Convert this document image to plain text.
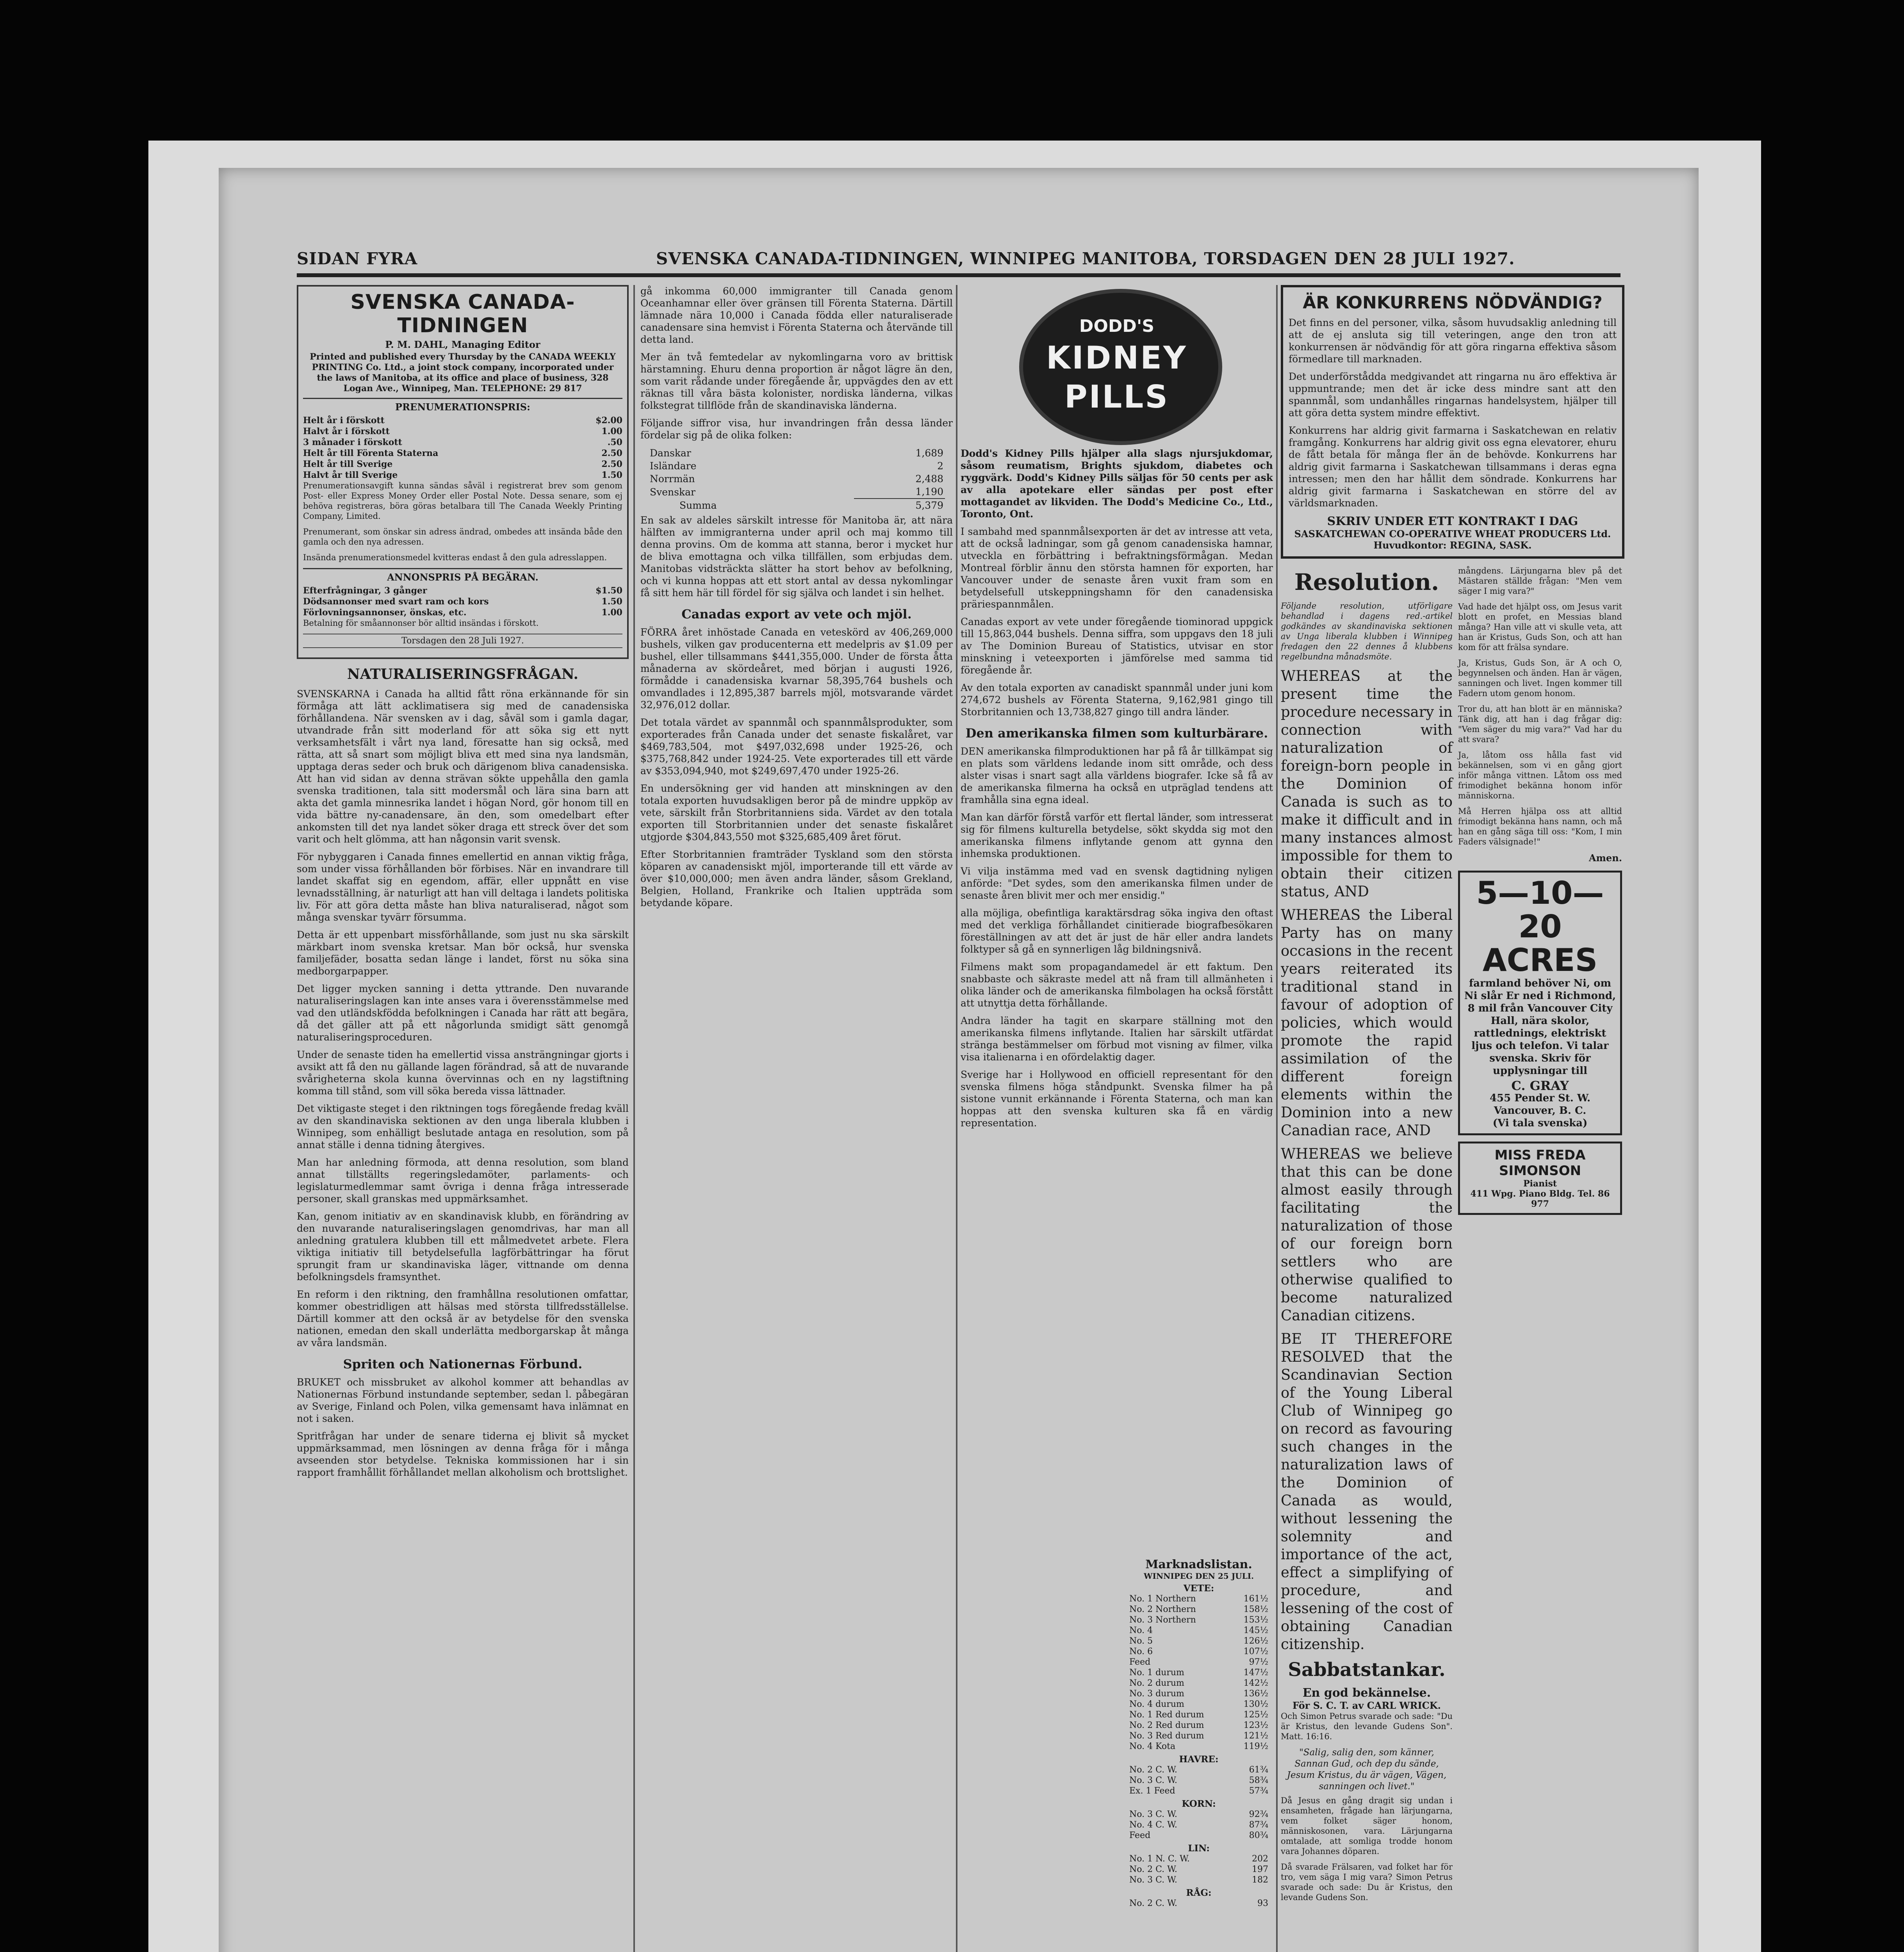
SIDAN FYRA	SVENSKA CANADA-TIDNINGEN, WINNIPEG MANITOBA, TORSDAGEN DEN 28 JULI 1927.
SVENSKA CANADA-TIDNINGEN
P. M. DAHL, Managing Editor
Printed and published every Thursday by the CANADA WEEKLY PRINTING Co. Ltd., a joint stock company, incorporated under the laws of Manitoba, at its office and place of business, 328 Logan Ave., Winnipeg, Man. TELEPHONE: 29 817
PRENUMERATIONSPRIS:
Helt år i förskott	$2.00
Halvt år i förskott	1.00
3 månader i förskott	.50
Helt år till Förenta Staterna	2.50
Helt år till Sverige	2.50
Halvt år till Sverige	1.50

Prenumerationsavgift kunna sändas såväl i registrerat brev som genom Post- eller Express Money Order eller Postal Note. Dessa senare, som ej behöva registreras, böra göras betalbara till The Canada Weekly Printing Company, Limited.

Prenumerant, som önskar sin adress ändrad, ombedes att insända både den gamla och den nya adressen.

Insända prenumerationsmedel kvitteras endast å den gula adresslappen.

ANNONSPRIS PÅ BEGÄRAN.
Efterfrågningar, 3 gånger	$1.50
Dödsannonser med svart ram och kors	1.50
Förlovningsannonser, önskas, etc.	1.00

Betalning för småannonser bör alltid insändas i förskott.

Torsdagen den 28 Juli 1927.
NATURALISERINGSFRÅGAN.

SVENSKARNA i Canada ha alltid fått röna erkännande för sin förmåga att lätt acklimatisera sig med de canadensiska förhållandena. När svensken av i dag, såväl som i gamla dagar, utvandrade från sitt moderland för att söka sig ett nytt verksamhetsfält i vårt nya land, föresatte han sig också, med rätta, att så snart som möjligt bliva ett med sina nya landsmän, upptaga deras seder och bruk och därigenom bliva canadensiska. Att han vid sidan av denna strävan sökte uppehålla den gamla svenska traditionen, tala sitt modersmål och lära sina barn att akta det gamla minnesrika landet i högan Nord, gör honom till en vida bättre ny-canadensare, än den, som omedelbart efter ankomsten till det nya landet söker draga ett streck över det som varit och helt glömma, att han någonsin varit svensk.

För nybyggaren i Canada finnes emellertid en annan viktig fråga, som under vissa förhållanden bör förbises. När en invandrare till landet skaffat sig en egendom, affär, eller uppnått en vise levnadsställning, är naturligt att han vill deltaga i landets politiska liv. För att göra detta måste han bliva naturaliserad, något som många svenskar tyvärr försumma.

Detta är ett uppenbart missförhållande, som just nu ska särskilt märkbart inom svenska kretsar. Man bör också, hur svenska familjefäder, bosatta sedan länge i landet, först nu söka sina medborgarpapper.

Det ligger mycken sanning i detta yttrande. Den nuvarande naturaliseringslagen kan inte anses vara i överensstämmelse med vad den utländskfödda befolkningen i Canada har rätt att begära, då det gäller att på ett någorlunda smidigt sätt genomgå naturaliseringsproceduren.

Under de senaste tiden ha emellertid vissa ansträngningar gjorts i avsikt att få den nu gällande lagen förändrad, så att de nuvarande svårigheterna skola kunna övervinnas och en ny lagstiftning komma till stånd, som vill söka bereda vissa lättnader.

Det viktigaste steget i den riktningen togs föregående fredag kväll av den skandinaviska sektionen av den unga liberala klubben i Winnipeg, som enhälligt beslutade antaga en resolution, som på annat ställe i denna tidning återgives.

Man har anledning förmoda, att denna resolution, som bland annat tillställts regeringsledamöter, parlaments- och legislaturmedlemmar samt övriga i denna fråga intresserade personer, skall granskas med uppmärksamhet.

Kan, genom initiativ av en skandinavisk klubb, en förändring av den nuvarande naturaliseringslagen genomdrivas, har man all anledning gratulera klubben till ett målmedvetet arbete. Flera viktiga initiativ till betydelsefulla lagförbättringar ha förut sprungit fram ur skandinaviska läger, vittnande om denna befolkningsdels framsynthet.

En reform i den riktning, den framhållna resolutionen omfattar, kommer obestridligen att hälsas med största tillfredsställelse. Därtill kommer att den också är av betydelse för den svenska nationen, emedan den skall underlätta medborgarskap åt många av våra landsmän.

Spriten och Nationernas Förbund.

BRUKET och missbruket av alkohol kommer att behandlas av Nationernas Förbund instundande september, sedan l. påbegäran av Sverige, Finland och Polen, vilka gemensamt hava inlämnat en not i saken.

Spritfrågan har under de senare tiderna ej blivit så mycket uppmärksammad, men lösningen av denna fråga för i många avseenden stor betydelse. Tekniska kommissionen har i sin rapport framhållit förhållandet mellan alkoholism och brottslighet.

gå inkomma 60,000 immigranter till Canada genom Oceanhamnar eller över gränsen till Förenta Staterna. Därtill lämnade nära 10,000 i Canada födda eller naturaliserade canadensare sina hemvist i Förenta Staterna och återvände till detta land.

Mer än två femtedelar av nykomlingarna voro av brittisk härstamning. Ehuru denna proportion är något lägre än den, som varit rådande under föregående år, uppvägdes den av ett räknas till våra bästa kolonister, nordiska länderna, vilkas folkstegrat tillflöde från de skandinaviska länderna.

Följande siffror visa, hur invandringen från dessa länder fördelar sig på de olika folken:

Danskar	1,689
Isländare	2
Norrmän	2,488
Svenskar	1,190
Summa	5,379

En sak av aldeles särskilt intresse för Manitoba är, att nära hälften av immigranterna under april och maj kommo till denna provins. Om de komma att stanna, beror i mycket hur de bliva emottagna och vilka tillfällen, som erbjudas dem. Manitobas vidsträckta slätter ha stort behov av befolkning, och vi kunna hoppas att ett stort antal av dessa nykomlingar få sitt hem här till fördel för sig själva och landet i sin helhet.

Canadas export av vete och mjöl.

FÖRRA året inhöstade Canada en veteskörd av 406,269,000 bushels, vilken gav producenterna ett medelpris av $1.09 per bushel, eller tillsammans $441,355,000. Under de första åtta månaderna av skördeåret, med början i augusti 1926, förmådde i canadensiska kvarnar 58,395,764 bushels och omvandlades i 12,895,387 barrels mjöl, motsvarande värdet 32,976,012 dollar.

Det totala värdet av spannmål och spannmålsprodukter, som exporterades från Canada under det senaste fiskalåret, var $469,783,504, mot $497,032,698 under 1925-26, och $375,768,842 under 1924-25. Vete exporterades till ett värde av $353,094,940, mot $249,697,470 under 1925-26.

En undersökning ger vid handen att minskningen av den totala exporten huvudsakligen beror på de mindre uppköp av vete, särskilt från Storbritanniens sida. Värdet av den totala exporten till Storbritannien under det senaste fiskalåret utgjorde $304,843,550 mot $325,685,409 året förut.

Efter Storbritannien framträder Tyskland som den största köparen av canadensiskt mjöl, importerande till ett värde av över $10,000,000; men även andra länder, såsom Grekland, Belgien, Holland, Frankrike och Italien uppträda som betydande köpare.

DODD'S
KIDNEY
PILLS

Dodd's Kidney Pills hjälper alla slags njursjukdomar, såsom reumatism, Brights sjukdom, diabetes och ryggvärk. Dodd's Kidney Pills säljas för 50 cents per ask av alla apotekare eller sändas per post efter mottagandet av likviden. The Dodd's Medicine Co., Ltd., Toronto, Ont.

I sambahd med spannmålsexporten är det av intresse att veta, att de också ladningar, som gå genom canadensiska hamnar, utveckla en förbättring i befraktningsförmågan. Medan Montreal förblir ännu den största hamnen för exporten, har Vancouver under de senaste åren vuxit fram som en betydelsefull utskeppningshamn för den canadensiska präriespannmålen.

Canadas export av vete under föregående tiominorad uppgick till 15,863,044 bushels. Denna siffra, som uppgavs den 18 juli av The Dominion Bureau of Statistics, utvisar en stor minskning i veteexporten i jämförelse med samma tid föregående år.

Av den totala exporten av canadiskt spannmål under juni kom 274,672 bushels av Förenta Staterna, 9,162,981 gingo till Storbritannien och 13,738,827 gingo till andra länder.

Den amerikanska filmen som kulturbärare.

DEN amerikanska filmproduktionen har på få år tillkämpat sig en plats som världens ledande inom sitt område, och dess alster visas i snart sagt alla världens biografer. Icke så få av de amerikanska filmerna ha också en utpräglad tendens att framhålla sina egna ideal.

Man kan därför förstå varför ett flertal länder, som intresserat sig för filmens kulturella betydelse, sökt skydda sig mot den amerikanska filmens inflytande genom att gynna den inhemska produktionen.

Vi vilja instämma med vad en svensk dagtidning nyligen anförde: "Det sydes, som den amerikanska filmen under de senaste åren blivit mer och mer ensidig."

alla möjliga, obefintliga karaktärsdrag söka ingiva den oftast med det verkliga förhållandet cinitierade biografbesökaren föreställningen av att det är just de här eller andra landets folktyper så gå en synnerligen låg bildningsnivå.

Filmens makt som propagandamedel är ett faktum. Den snabbaste och säkraste medel att nå fram till allmänheten i olika länder och de amerikanska filmbolagen ha också förstått att utnyttja detta förhållande.

Andra länder ha tagit en skarpare ställning mot den amerikanska filmens inflytande. Italien har särskilt utfärdat stränga bestämmelser om förbud mot visning av filmer, vilka visa italienarna i en ofördelaktig dager.

Sverige har i Hollywood en officiell representant för den svenska filmens höga ståndpunkt. Svenska filmer ha på sistone vunnit erkännande i Förenta Staterna, och man kan hoppas att den svenska kulturen ska få en värdig representation.

ÄR KONKURRENS NÖDVÄNDIG?

Det finns en del personer, vilka, såsom huvudsaklig anledning till att de ej ansluta sig till veteringen, ange den tron att konkurrensen är nödvändig för att göra ringarna effektiva såsom förmedlare till marknaden.

Det underförstådda medgivandet att ringarna nu äro effektiva är uppmuntrande; men det är icke dess mindre sant att den spannmål, som undanhålles ringarnas handelsystem, hjälper till att göra detta system mindre effektivt.

Konkurrens har aldrig givit farmarna i Saskatchewan en relativ framgång. Konkurrens har aldrig givit oss egna elevatorer, ehuru de fått betala för många fler än de behövde. Konkurrens har aldrig givit farmarna i Saskatchewan tillsammans i deras egna intressen; men den har hållit dem söndrade. Konkurrens har aldrig givit farmarna i Saskatchewan en större del av världsmarknaden.

SKRIV UNDER ETT KONTRAKT I DAG
SASKATCHEWAN CO-OPERATIVE WHEAT PRODUCERS Ltd.
Huvudkontor: REGINA, SASK.
Resolution.

Följande resolution, utförligare behandlad i dagens red.-artikel godkändes av skandinaviska sektionen av Unga liberala klubben i Winnipeg fredagen den 22 dennes å klubbens regelbundna månadsmöte.

WHEREAS at the present time the procedure necessary in connection with naturalization of foreign-born people in the Dominion of Canada is such as to make it difficult and in many instances almost impossible for them to obtain their citizen status, AND

WHEREAS the Liberal Party has on many occasions in the recent years reiterated its traditional stand in favour of adoption of policies, which would promote the rapid assimilation of the different foreign elements within the Dominion into a new Canadian race, AND

WHEREAS we believe that this can be done almost easily through facilitating the naturalization of those of our foreign born settlers who are otherwise qualified to become naturalized Canadian citizens.

BE IT THEREFORE RESOLVED that the Scandinavian Section of the Young Liberal Club of Winnipeg go on record as favouring such changes in the naturalization laws of the Dominion of Canada as would, without lessening the solemnity and importance of the act, effect a simplifying of procedure, and lessening of the cost of obtaining Canadian citizenship.

Sabbatstankar.
En god bekännelse.
För S. C. T. av CARL WRICK.

Och Simon Petrus svarade och sade: "Du är Kristus, den levande Gudens Son". Matt. 16:16.

"Salig, salig den, som känner, Sannan Gud, och dep du sände, Jesum Kristus, du är vägen, Vägen, sanningen och livet."

Då Jesus en gång dragit sig undan i ensamheten, frågade han lärjungarna, vem folket säger honom, människosonen, vara. Lärjungarna omtalade, att somliga trodde honom vara Johannes döparen.

Då svarade Frälsaren, vad folket har för tro, vem säga I mig vara? Simon Petrus svarade och sade: Du är Kristus, den levande Gudens Son.

mångdens. Lärjungarna blev på det Mästaren ställde frågan: "Men vem säger I mig vara?"

Vad hade det hjälpt oss, om Jesus varit blott en profet, en Messias bland många? Han ville att vi skulle veta, att han är Kristus, Guds Son, och att han kom för att frälsa syndare.

Ja, Kristus, Guds Son, är A och O, begynnelsen och änden. Han är vägen, sanningen och livet. Ingen kommer till Fadern utom genom honom.

Tror du, att han blott är en människa? Tänk dig, att han i dag frågar dig: "Vem säger du mig vara?" Vad har du att svara?

Ja, låtom oss hålla fast vid bekännelsen, som vi en gång gjort inför många vittnen. Låtom oss med frimodighet bekänna honom inför människorna.

Må Herren hjälpa oss att alltid frimodigt bekänna hans namn, och må han en gång säga till oss: "Kom, I min Faders välsignade!"

Amen.
5—10—20 ACRES
farmland behöver Ni, om Ni slår Er ned i Richmond, 8 mil från Vancouver City Hall, nära skolor, rattlednings, elektriskt ljus och telefon. Vi talar svenska. Skriv för upplysningar till
C. GRAY
455 Pender St. W.
Vancouver, B. C.
(Vi tala svenska)
MISS FREDA SIMONSON
Pianist
411 Wpg. Piano Bldg. Tel. 86 977
Marknadslistan.
WINNIPEG DEN 25 JULI.
VETE:
No. 1 Northern	161½
No. 2 Northern	158½
No. 3 Northern	153½
No. 4	145½
No. 5	126½
No. 6	107½
Feed	97½
No. 1 durum	147½
No. 2 durum	142½
No. 3 durum	136½
No. 4 durum	130½
No. 1 Red durum	125½
No. 2 Red durum	123½
No. 3 Red durum	121½
No. 4 Kota	119½
HAVRE:
No. 2 C. W.	61¾
No. 3 C. W.	58¾
Ex. 1 Feed	57¾
KORN:
No. 3 C. W.	92¾
No. 4 C. W.	87¾
Feed	80¾
LIN:
No. 1 N. C. W.	202
No. 2 C. W.	197
No. 3 C. W.	182
RÅG:
No. 2 C. W.	93
